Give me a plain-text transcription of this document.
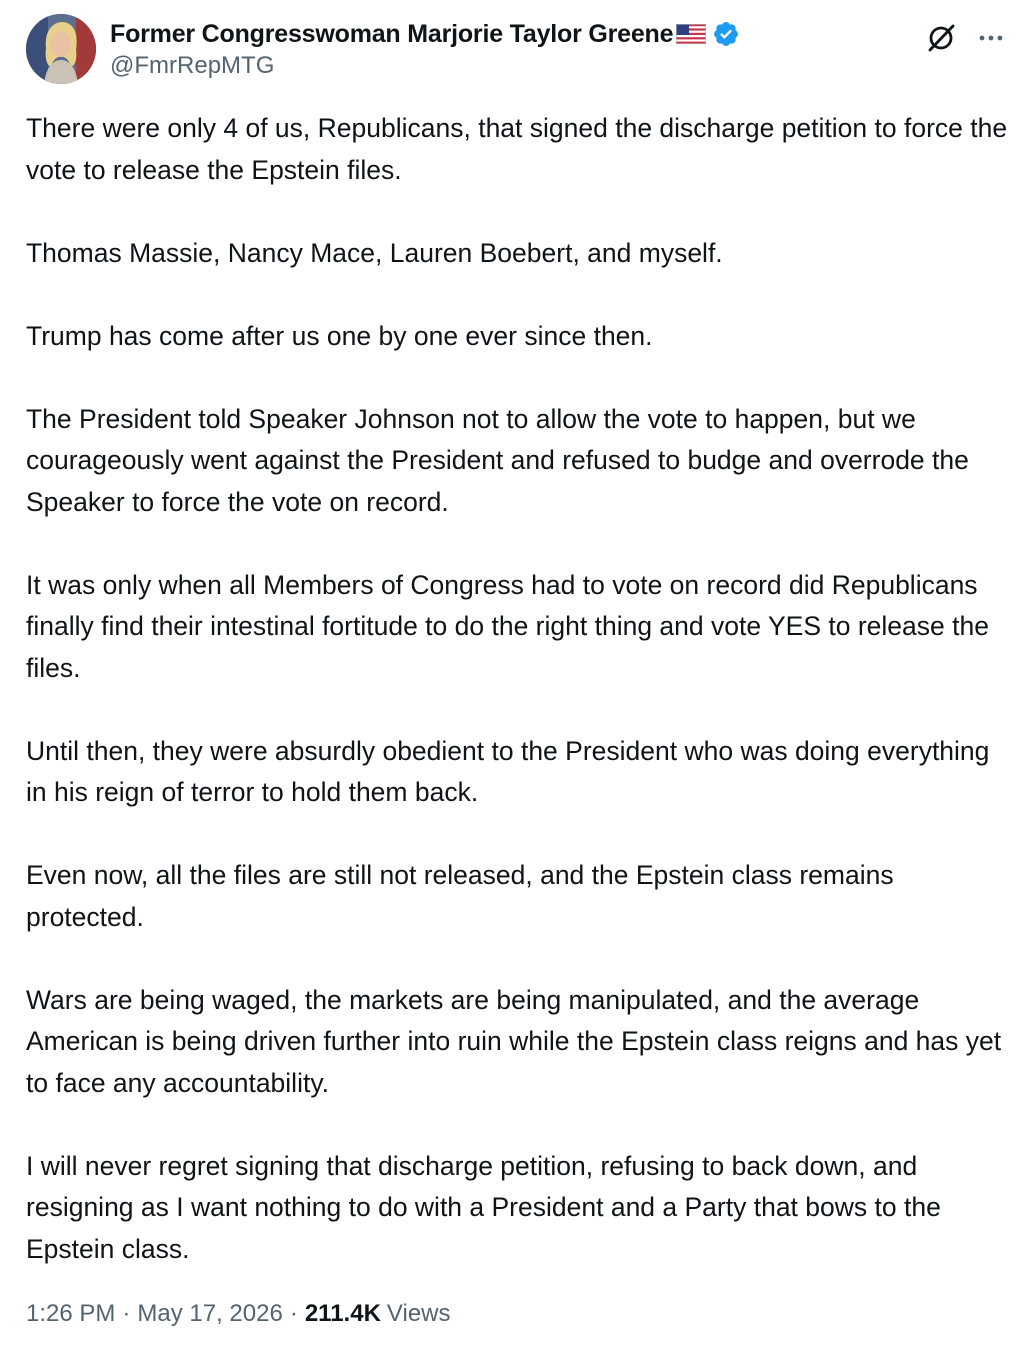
Former Congresswoman Marjorie Taylor Greene
@FmrRepMTG

There were only 4 of us, Republicans, that signed the discharge petition to force the vote to release the Epstein files.

Thomas Massie, Nancy Mace, Lauren Boebert, and myself.

Trump has come after us one by one ever since then.

The President told Speaker Johnson not to allow the vote to happen, but we courageously went against the President and refused to budge and overrode the Speaker to force the vote on record.

It was only when all Members of Congress had to vote on record did Republicans finally find their intestinal fortitude to do the right thing and vote YES to release the files.

Until then, they were absurdly obedient to the President who was doing everything in his reign of terror to hold them back.

Even now, all the files are still not released, and the Epstein class remains protected.

Wars are being waged, the markets are being manipulated, and the average American is being driven further into ruin while the Epstein class reigns and has yet to face any accountability.

I will never regret signing that discharge petition, refusing to back down, and resigning as I want nothing to do with a President and a Party that bows to the Epstein class.

1:26 PM · May 17, 2026 · 211.4K Views
